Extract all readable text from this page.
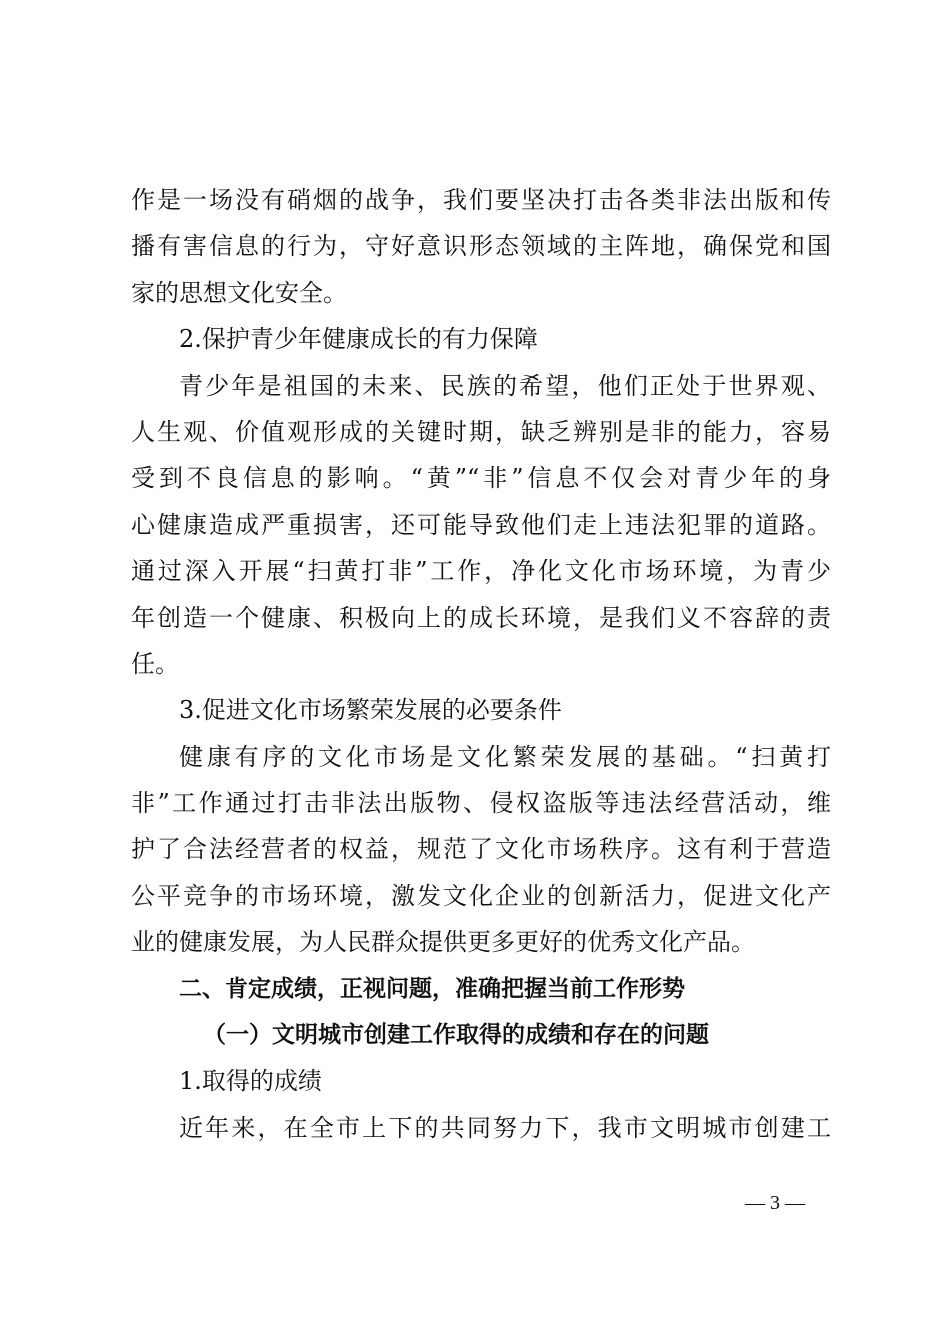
作是一场没有硝烟的战争，我们要坚决打击各类非法出版和传
播有害信息的行为，守好意识形态领域的主阵地，确保党和国
家的思想文化安全。
2.保护青少年健康成长的有力保障
青少年是祖国的未来、民族的希望，他们正处于世界观、
人生观、价值观形成的关键时期，缺乏辨别是非的能力，容易
受到不良信息的影响。“黄”“非”信息不仅会对青少年的身
心健康造成严重损害，还可能导致他们走上违法犯罪的道路。
通过深入开展“扫黄打非”工作，净化文化市场环境，为青少
年创造一个健康、积极向上的成长环境，是我们义不容辞的责
任。
3.促进文化市场繁荣发展的必要条件
健康有序的文化市场是文化繁荣发展的基础。“扫黄打
非”工作通过打击非法出版物、侵权盗版等违法经营活动，维
护了合法经营者的权益，规范了文化市场秩序。这有利于营造
公平竞争的市场环境，激发文化企业的创新活力，促进文化产
业的健康发展，为人民群众提供更多更好的优秀文化产品。
二、肯定成绩，正视问题，准确把握当前工作形势
（一）文明城市创建工作取得的成绩和存在的问题
1.取得的成绩
近年来，在全市上下的共同努力下，我市文明城市创建工
— 3 —
